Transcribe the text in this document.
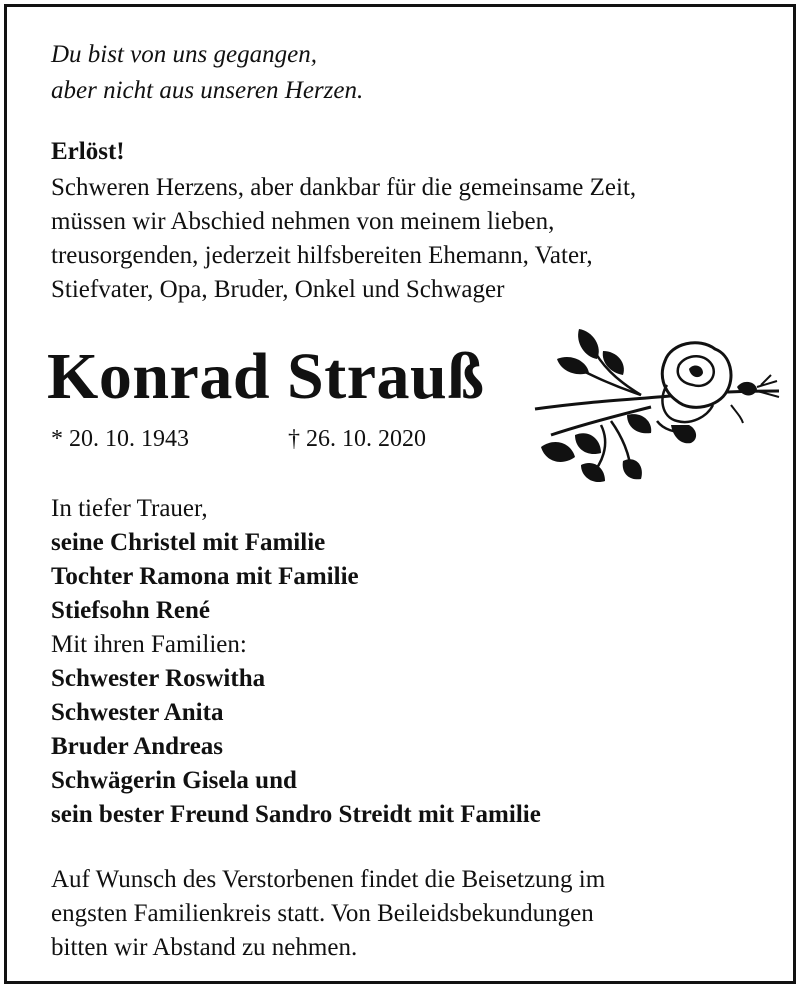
Du bist von uns gegangen,
aber nicht aus unseren Herzen.
Erlöst!
Schweren Herzens, aber dankbar für die gemeinsame Zeit,
müssen wir Abschied nehmen von meinem lieben,
treusorgenden, jederzeit hilfsbereiten Ehemann, Vater,
Stiefvater, Opa, Bruder, Onkel und Schwager
Konrad Strauß
* 20. 10. 1943	† 26. 10. 2020
In tiefer Trauer,
seine Christel mit Familie
Tochter Ramona mit Familie
Stiefsohn René
Mit ihren Familien:
Schwester Roswitha
Schwester Anita
Bruder Andreas
Schwägerin Gisela und
sein bester Freund Sandro Streidt mit Familie
Auf Wunsch des Verstorbenen findet die Beisetzung im
engsten Familienkreis statt. Von Beileidsbekundungen
bitten wir Abstand zu nehmen.
